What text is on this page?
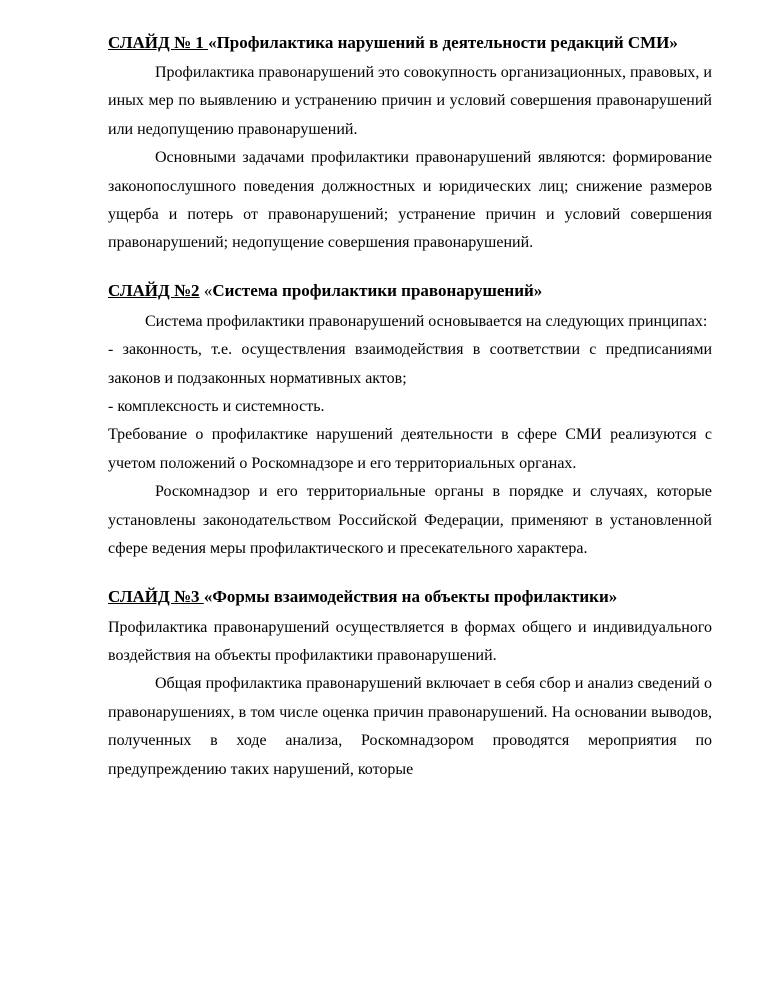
СЛАЙД № 1 «Профилактика нарушений в деятельности редакций СМИ»

Профилактика правонарушений это совокупность организационных, правовых, и иных мер по выявлению и устранению причин и условий совершения правонарушений или недопущению правонарушений.

Основными задачами профилактики правонарушений являются: формирование законопослушного поведения должностных и юридических лиц; снижение размеров ущерба и потерь от правонарушений; устранение причин и условий совершения правонарушений; недопущение совершения правонарушений.

СЛАЙД №2 «Система профилактики правонарушений»

Система профилактики правонарушений основывается на следующих принципах:

- законность, т.е. осуществления взаимодействия в соответствии с предписаниями законов и подзаконных нормативных актов;

- комплексность и системность.

Требование о профилактике нарушений деятельности в сфере СМИ реализуются с учетом положений о Роскомнадзоре и его территориальных органах.

Роскомнадзор и его территориальные органы в порядке и случаях, которые установлены законодательством Российской Федерации, применяют в установленной сфере ведения меры профилактического и пресекательного характера.

СЛАЙД №3 «Формы взаимодействия на объекты профилактики»

Профилактика правонарушений осуществляется в формах общего и индивидуального воздействия на объекты профилактики правонарушений.

Общая профилактика правонарушений включает в себя сбор и анализ сведений о правонарушениях, в том числе оценка причин правонарушений. На основании выводов, полученных в ходе анализа, Роскомнадзором проводятся мероприятия по предупреждению таких нарушений, которые
